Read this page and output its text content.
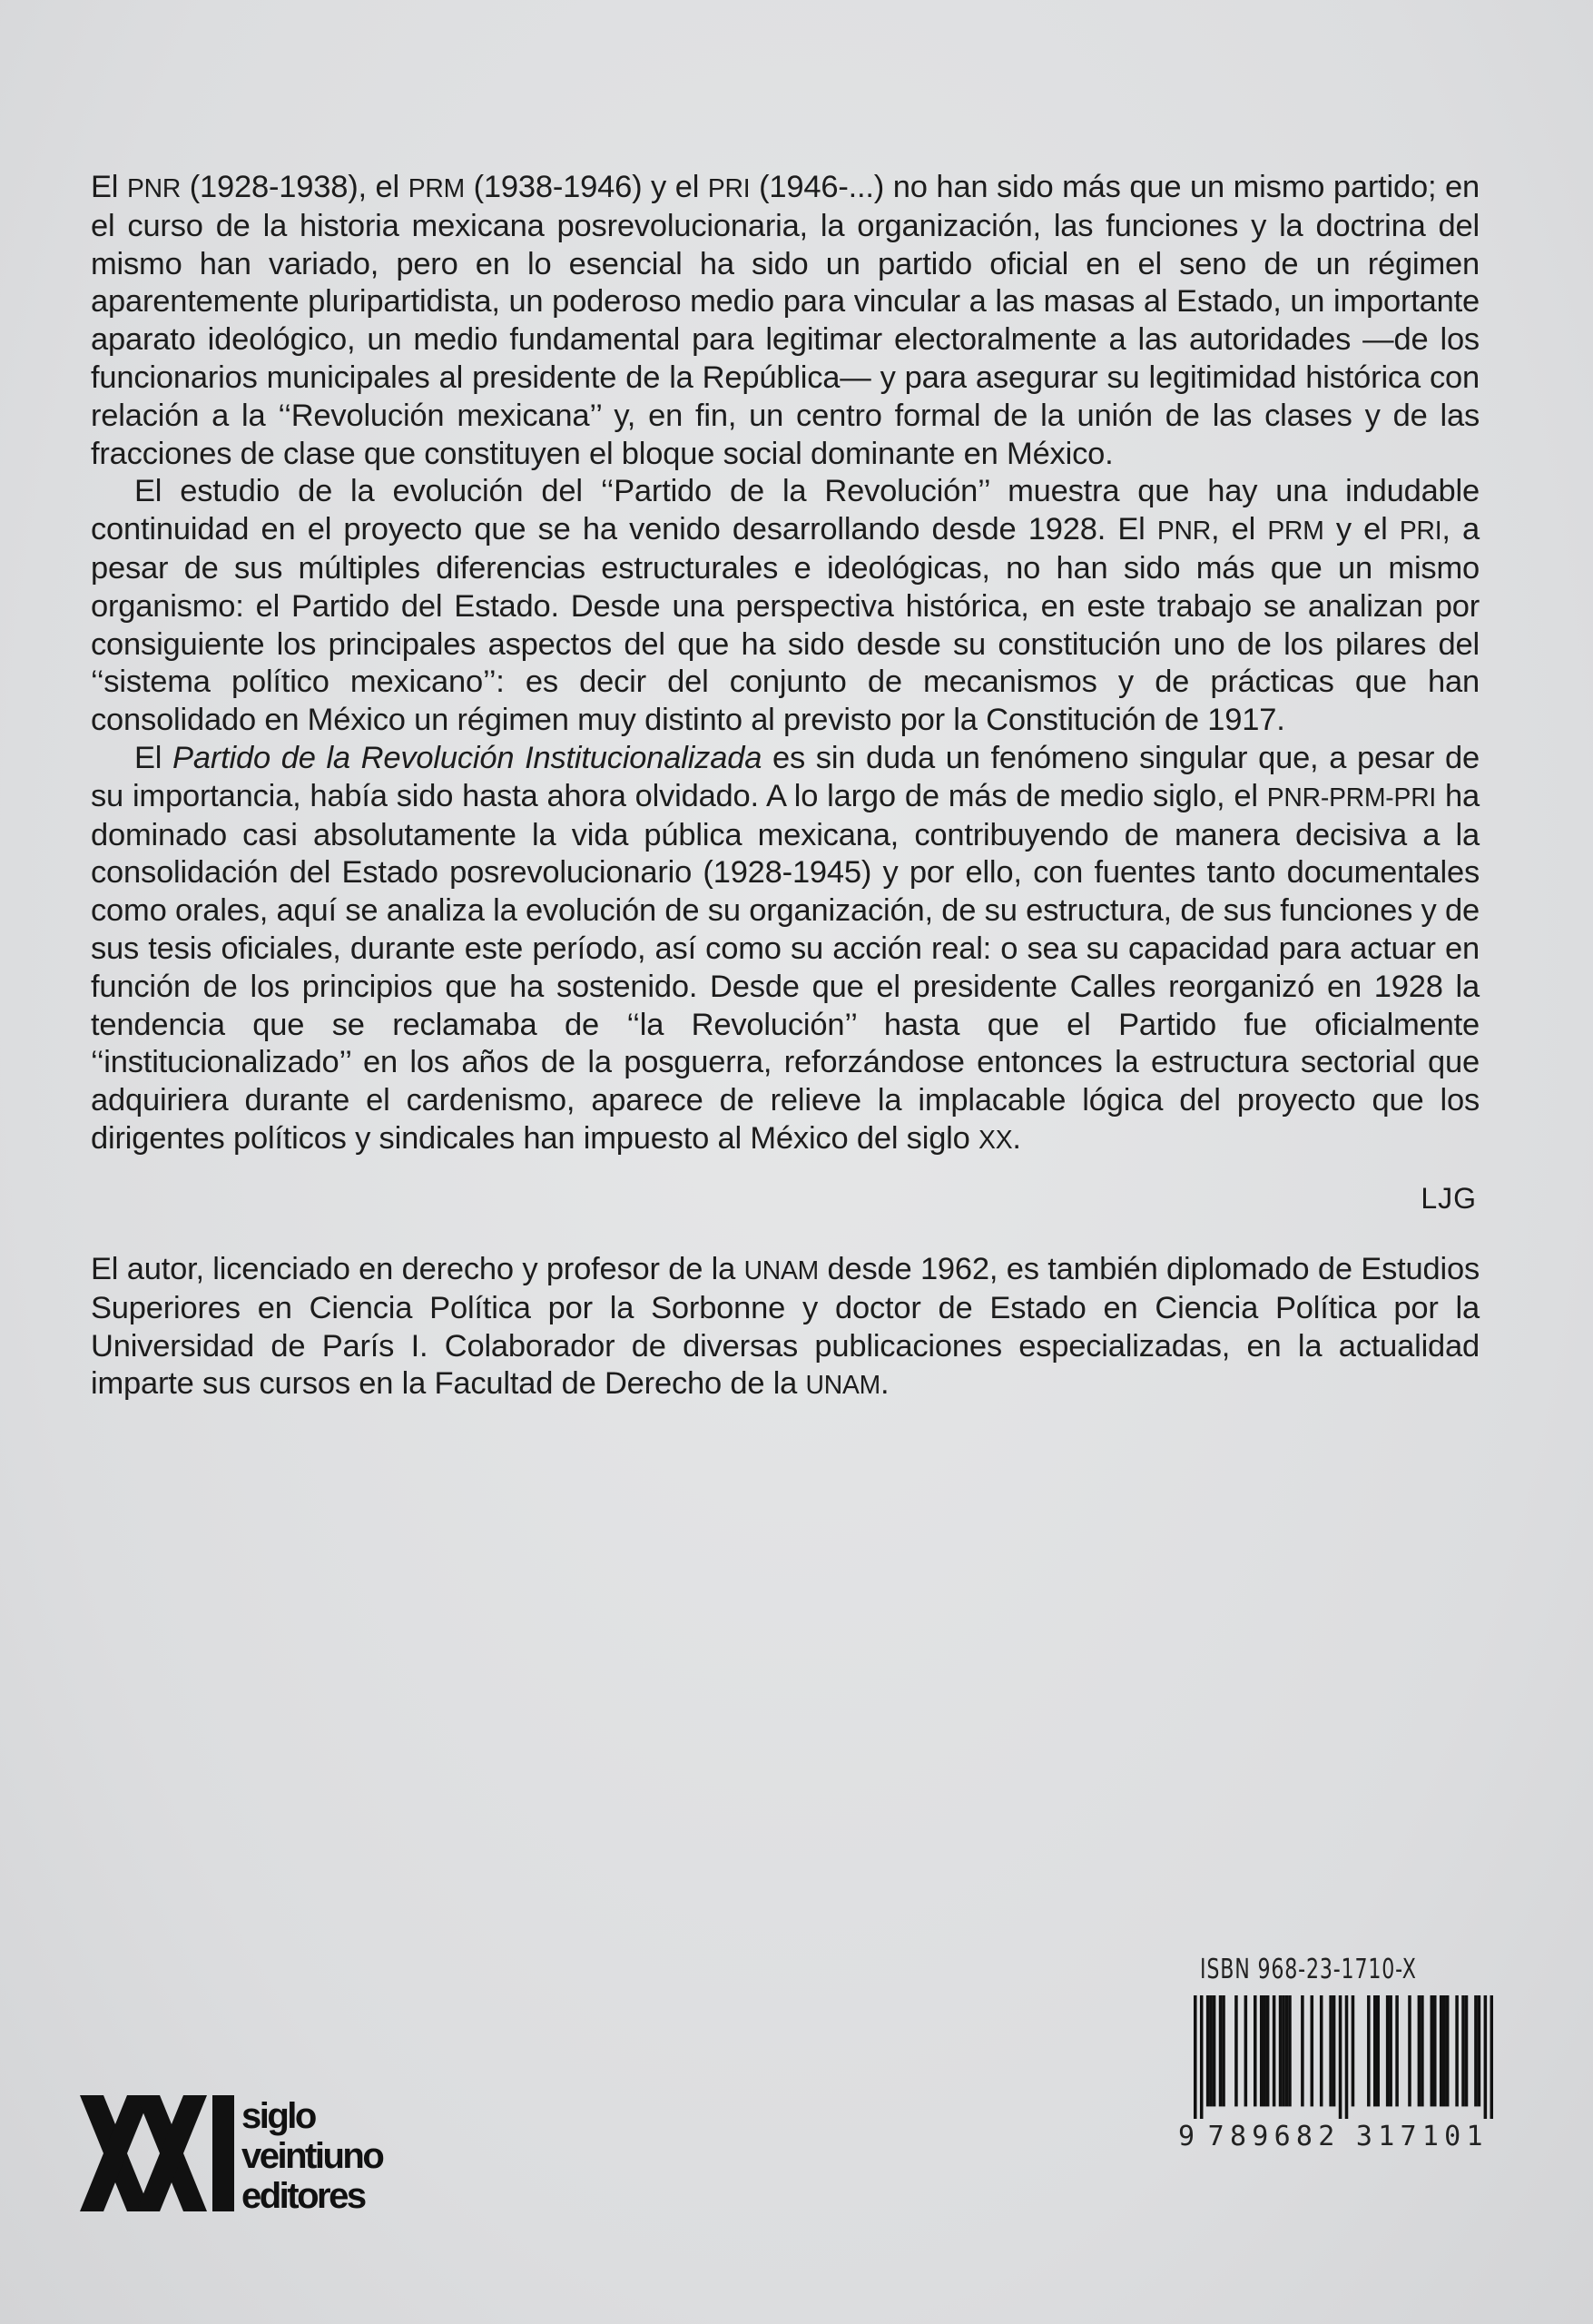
El PNR (1928-1938), el PRM (1938-1946) y el PRI (1946-...) no han sido más que un mismo partido; en el curso de la historia mexicana posrevolucionaria, la organización, las funciones y la doctrina del mismo han variado, pero en lo esencial ha sido un partido oficial en el seno de un régimen aparentemente pluripartidista, un poderoso medio para vincular a las masas al Estado, un importante aparato ideológico, un medio fundamental para legitimar electoralmente a las autoridades —de los funcionarios municipales al presidente de la República— y para asegurar su legitimidad histórica con relación a la ‘‘Revolución mexicana’’ y, en fin, un centro formal de la unión de las clases y de las fracciones de clase que constituyen el bloque social dominante en México.

El estudio de la evolución del ‘‘Partido de la Revolución’’ muestra que hay una indudable continuidad en el proyecto que se ha venido desarrollando desde 1928. El PNR, el PRM y el PRI, a pesar de sus múltiples diferencias estructurales e ideológicas, no han sido más que un mismo organismo: el Partido del Estado. Desde una perspectiva histórica, en este trabajo se analizan por consiguiente los principales aspectos del que ha sido desde su constitución uno de los pilares del ‘‘sistema político mexicano’’: es decir del conjunto de mecanismos y de prácticas que han consolidado en México un régimen muy distinto al previsto por la Constitución de 1917.

El Partido de la Revolución Institucionalizada es sin duda un fenómeno singular que, a pesar de su importancia, había sido hasta ahora olvidado. A lo largo de más de medio siglo, el PNR-PRM-PRI ha dominado casi absolutamente la vida pública mexicana, contribuyendo de manera decisiva a la consolidación del Estado posrevolucionario (1928-1945) y por ello, con fuentes tanto documentales como orales, aquí se analiza la evolución de su organización, de su estructura, de sus funciones y de sus tesis oficiales, durante este período, así como su acción real: o sea su capacidad para actuar en función de los principios que ha sostenido. Desde que el presidente Calles reorganizó en 1928 la tendencia que se reclamaba de ‘‘la Revolución’’ hasta que el Partido fue oficialmente ‘‘institucionalizado’’ en los años de la posguerra, reforzándose entonces la estructura sectorial que adquiriera durante el cardenismo, aparece de relieve la implacable lógica del proyecto que los dirigentes políticos y sindicales han impuesto al México del siglo XX.

LJG

El autor, licenciado en derecho y profesor de la UNAM desde 1962, es también diplomado de Estudios Superiores en Ciencia Política por la Sorbonne y doctor de Estado en Ciencia Política por la Universidad de París I. Colaborador de diversas publicaciones especializadas, en la actualidad imparte sus cursos en la Facultad de Derecho de la UNAM.

ISBN 968-23-1710-X
9 7 8 9 6 8 2 3 1 7 1 0 1
siglo
veintiuno
editores
